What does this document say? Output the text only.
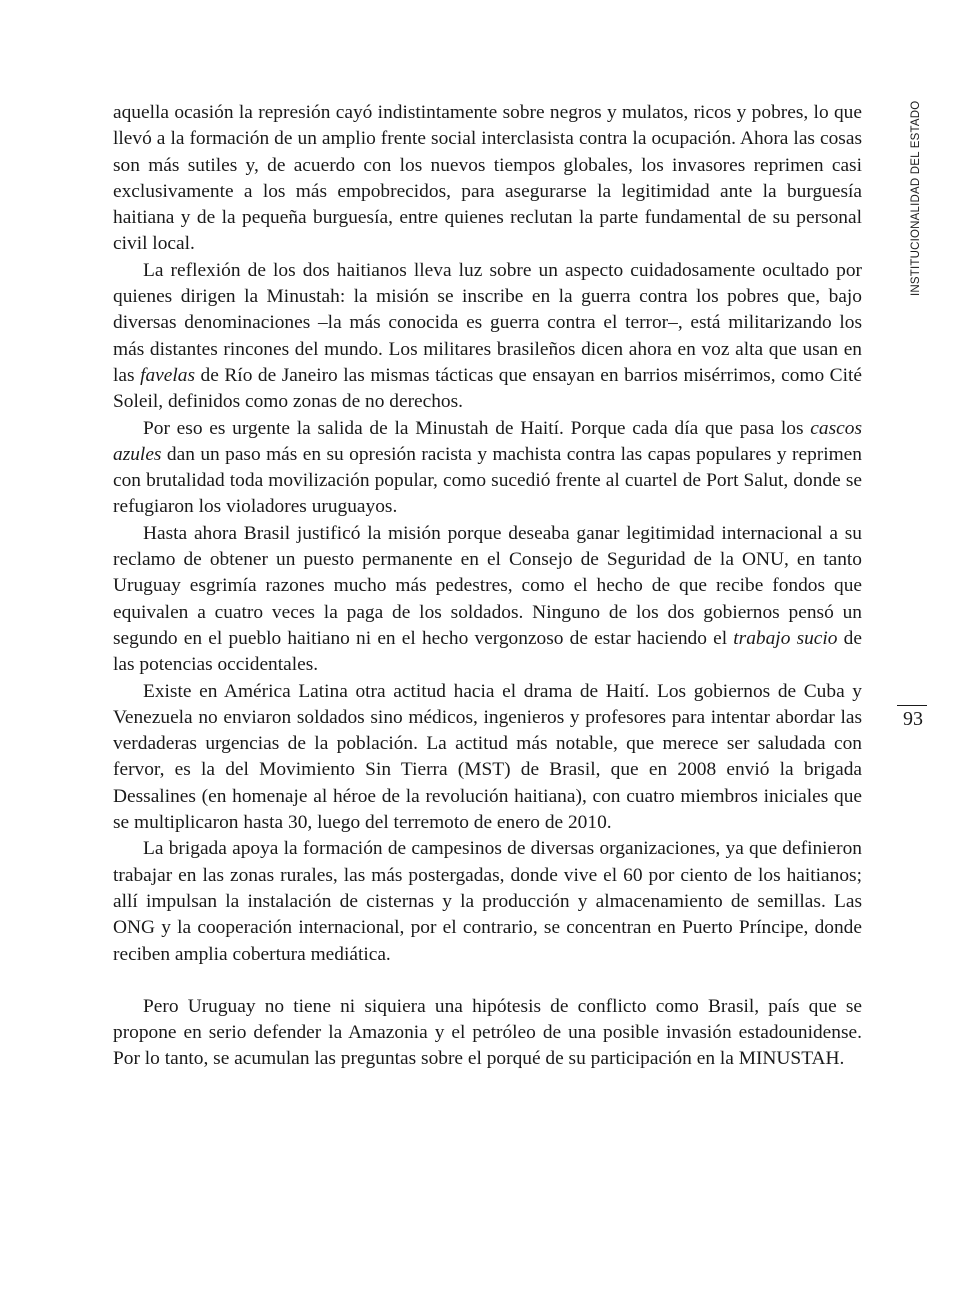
INSTITUCIONALIDAD DEL ESTADO
93

aquella ocasión la represión cayó indistintamente sobre negros y mulatos, ricos y pobres, lo que llevó a la formación de un amplio frente social interclasista contra la ocupación. Ahora las cosas son más sutiles y, de acuerdo con los nuevos tiempos globales, los invasores reprimen casi exclusivamente a los más empobrecidos, para asegurarse la legitimidad ante la burguesía haitiana y de la pequeña burguesía, entre quienes reclutan la parte fundamental de su personal civil local.

La reflexión de los dos haitianos lleva luz sobre un aspecto cuidadosamente ocultado por quienes dirigen la Minustah: la misión se inscribe en la guerra contra los pobres que, bajo diversas denominaciones –la más conocida es guerra contra el terror–, está militarizando los más distantes rincones del mundo. Los militares brasileños dicen ahora en voz alta que usan en las favelas de Río de Janeiro las mismas tácticas que ensayan en barrios misérrimos, como Cité Soleil, definidos como zonas de no derechos.

Por eso es urgente la salida de la Minustah de Haití. Porque cada día que pasa los cascos azules dan un paso más en su opresión racista y machista contra las capas populares y reprimen con brutalidad toda movilización popular, como sucedió frente al cuartel de Port Salut, donde se refugiaron los violadores uruguayos.

Hasta ahora Brasil justificó la misión porque deseaba ganar legitimidad internacional a su reclamo de obtener un puesto permanente en el Consejo de Seguridad de la ONU, en tanto Uruguay esgrimía razones mucho más pedestres, como el hecho de que recibe fondos que equivalen a cuatro veces la paga de los soldados. Ninguno de los dos gobiernos pensó un segundo en el pueblo haitiano ni en el hecho vergonzoso de estar haciendo el trabajo sucio de las potencias occidentales.

Existe en América Latina otra actitud hacia el drama de Haití. Los gobiernos de Cuba y Venezuela no enviaron soldados sino médicos, ingenieros y profesores para intentar abordar las verdaderas urgencias de la población. La actitud más notable, que merece ser saludada con fervor, es la del Movimiento Sin Tierra (MST) de Brasil, que en 2008 envió la brigada Dessalines (en homenaje al héroe de la revolución haitiana), con cuatro miembros iniciales que se multiplicaron hasta 30, luego del terremoto de enero de 2010.

La brigada apoya la formación de campesinos de diversas organizaciones, ya que definieron trabajar en las zonas rurales, las más postergadas, donde vive el 60 por ciento de los haitianos; allí impulsan la instalación de cisternas y la producción y almacenamiento de semillas. Las ONG y la cooperación internacional, por el contrario, se concentran en Puerto Príncipe, donde reciben amplia cobertura mediática.

Pero Uruguay no tiene ni siquiera una hipótesis de conflicto como Brasil, país que se propone en serio defender la Amazonia y el petróleo de una posible invasión estadounidense. Por lo tanto, se acumulan las preguntas sobre el porqué de su participación en la MINUSTAH.
